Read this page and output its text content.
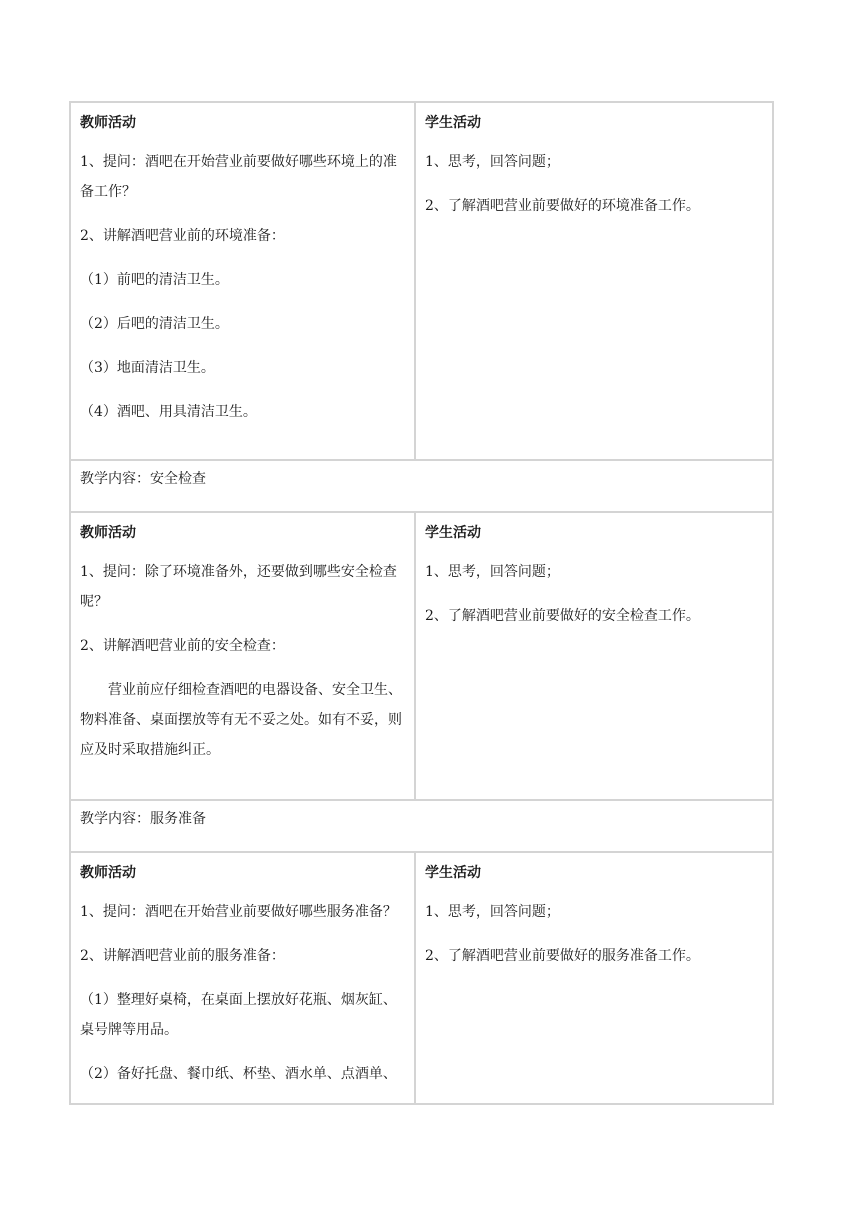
教师活动
1、提问：酒吧在开始营业前要做好哪些环境上的准备工作？
2、讲解酒吧营业前的环境准备：
（1）前吧的清洁卫生。
（2）后吧的清洁卫生。
（3）地面清洁卫生。
（4）酒吧、用具清洁卫生。
学生活动
1、思考，回答问题；
2、了解酒吧营业前要做好的环境准备工作。
教学内容：安全检查
教师活动
1、提问：除了环境准备外，还要做到哪些安全检查呢？
2、讲解酒吧营业前的安全检查：
营业前应仔细检查酒吧的电器设备、安全卫生、物料准备、桌面摆放等有无不妥之处。如有不妥，则应及时采取措施纠正。
学生活动
1、思考，回答问题；
2、了解酒吧营业前要做好的安全检查工作。
教学内容：服务准备
教师活动
1、提问：酒吧在开始营业前要做好哪些服务准备？
2、讲解酒吧营业前的服务准备：
（1）整理好桌椅，在桌面上摆放好花瓶、烟灰缸、桌号牌等用品。
（2）备好托盘、餐巾纸、杯垫、酒水单、点酒单、
学生活动
1、思考，回答问题；
2、了解酒吧营业前要做好的服务准备工作。
